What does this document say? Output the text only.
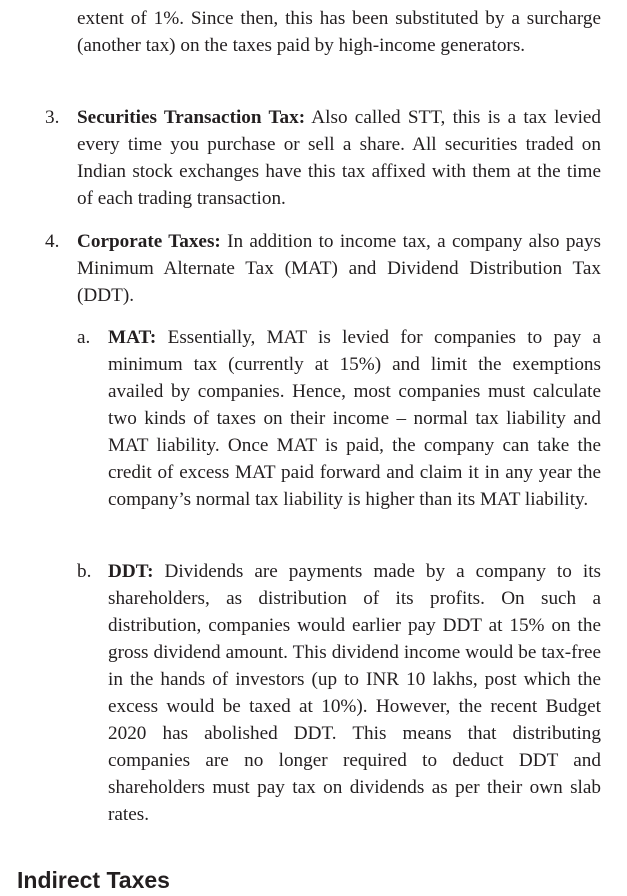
extent of 1%. Since then, this has been substituted by a surcharge (another tax) on the taxes paid by high-income generators.

3. Securities Transaction Tax: Also called STT, this is a tax levied every time you purchase or sell a share. All securities traded on Indian stock exchanges have this tax affixed with them at the time of each trading transaction.

4. Corporate Taxes: In addition to income tax, a company also pays Minimum Alternate Tax (MAT) and Dividend Distribution Tax (DDT).

a. MAT: Essentially, MAT is levied for companies to pay a minimum tax (currently at 15%) and limit the exemptions availed by companies. Hence, most companies must calculate two kinds of taxes on their income – normal tax liability and MAT liability. Once MAT is paid, the company can take the credit of excess MAT paid forward and claim it in any year the company’s normal tax liability is higher than its MAT liability.

b. DDT: Dividends are payments made by a company to its shareholders, as distribution of its profits. On such a distribution, companies would earlier pay DDT at 15% on the gross dividend amount. This dividend income would be tax-free in the hands of investors (up to INR 10 lakhs, post which the excess would be taxed at 10%). However, the recent Budget 2020 has abolished DDT. This means that distributing companies are no longer required to deduct DDT and shareholders must pay tax on dividends as per their own slab rates.

Indirect Taxes
